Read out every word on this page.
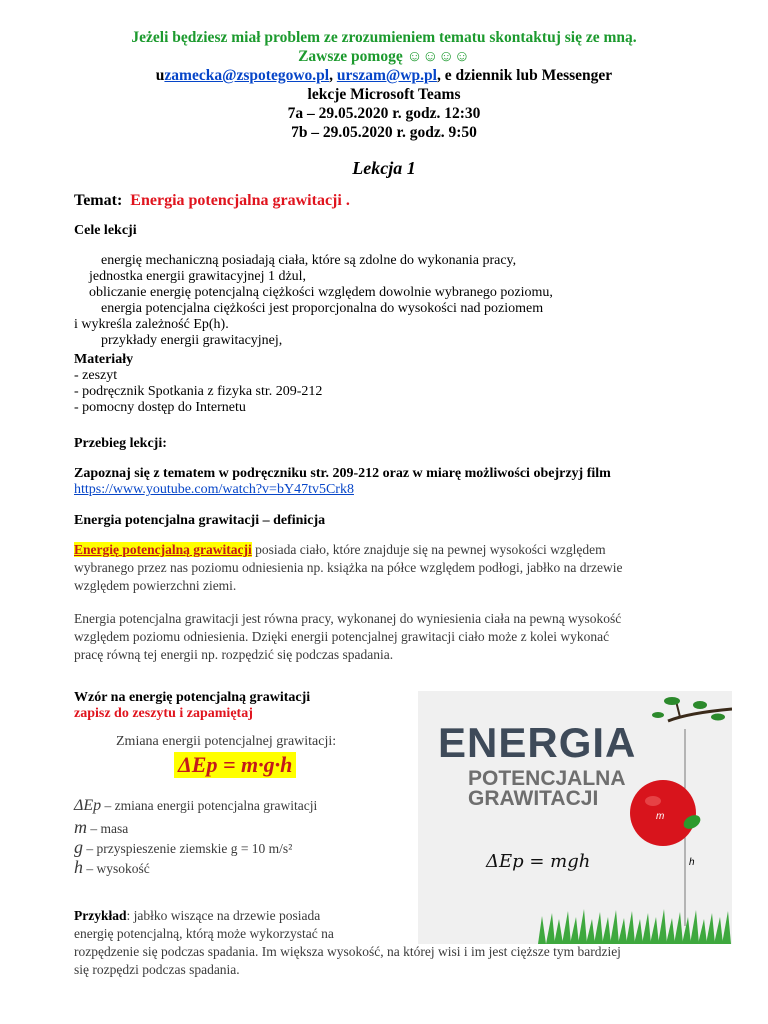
Jeżeli będziesz miał problem ze zrozumieniem tematu skontaktuj się ze mną.
Zawsze pomogę ☺☺☺☺
uzamecka@zspotegowo.pl, urszam@wp.pl, e dziennik lub Messenger
lekcje Microsoft Teams
7a – 29.05.2020 r. godz. 12:30
7b – 29.05.2020 r. godz. 9:50
Lekcja 1
Temat: Energia potencjalna grawitacji .
Cele lekcji
energię mechaniczną posiadają ciała, które są zdolne do wykonania pracy,
jednostka energii grawitacyjnej 1 dżul,
obliczanie energię potencjalną ciężkości względem dowolnie wybranego poziomu,
energia potencjalna ciężkości jest proporcjonalna do wysokości nad poziomem
i wykreśla zależność Ep(h).
przykłady energii grawitacyjnej,
Materiały
- zeszyt
- podręcznik Spotkania z fizyka str. 209-212
- pomocny dostęp do Internetu
Przebieg lekcji:
Zapoznaj się z tematem w podręczniku str. 209-212 oraz w miarę możliwości obejrzyj film
https://www.youtube.com/watch?v=bY47tv5Crk8
Energia potencjalna grawitacji – definicja
Energię potencjalną grawitacji posiada ciało, które znajduje się na pewnej wysokości względem
wybranego przez nas poziomu odniesienia np. książka na półce względem podłogi, jabłko na drzewie
względem powierzchni ziemi.
Energia potencjalna grawitacji jest równa pracy, wykonanej do wyniesienia ciała na pewną wysokość
względem poziomu odniesienia. Dzięki energii potencjalnej grawitacji ciało może z kolei wykonać
pracę równą tej energii np. rozpędzić się podczas spadania.
Wzór na energię potencjalną grawitacji
zapisz do zeszytu i zapamiętaj
Zmiana energii potencjalnej grawitacji:
ΔEp = m·g·h
ΔEp – zmiana energii potencjalna grawitacji
m – masa
g – przyspieszenie ziemskie g = 10 m/s²
h – wysokość
m
h
ENERGIA
POTENCJALNA
GRAWITACJI
ΔEp = mgh
Przykład: jabłko wiszące na drzewie posiada
energię potencjalną, którą może wykorzystać na
rozpędzenie się podczas spadania. Im większa wysokość, na której wisi i im jest cięższe tym bardziej
się rozpędzi podczas spadania.
